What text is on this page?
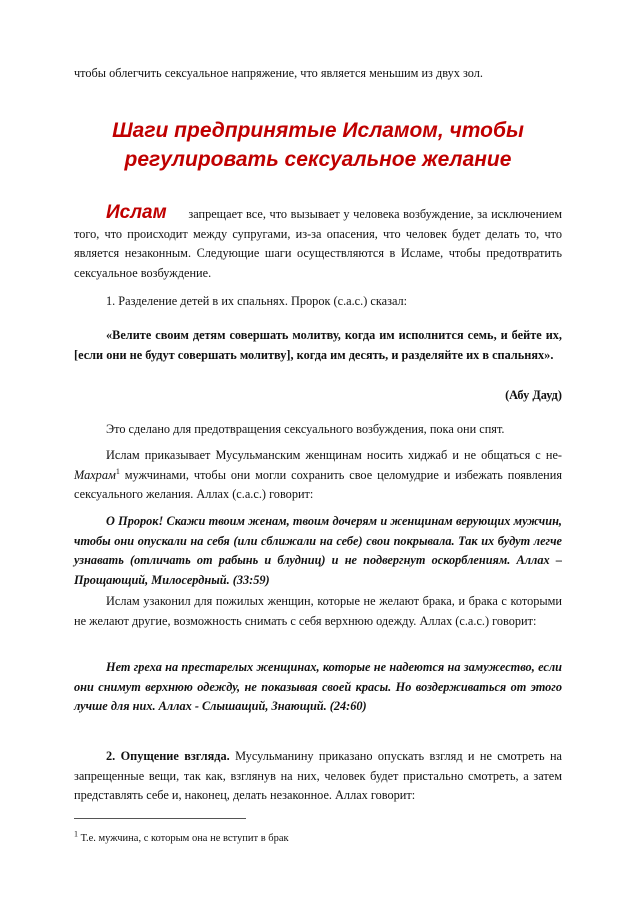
чтобы облегчить сексуальное напряжение, что является меньшим из двух зол.

Шаги предпринятые Исламом, чтобы
регулировать сексуальное желание

Ислам запрещает все, что вызывает у человека возбуждение, за исключением того, что происходит между супругами, из-за опасения, что человек будет делать то, что является незаконным. Следующие шаги осуществляются в Исламе, чтобы предотвратить сексуальное возбуждение.

1. Разделение детей в их спальнях. Пророк (с.а.с.) сказал:

«Велите своим детям совершать молитву, когда им исполнится семь, и бейте их, [если они не будут совершать молитву], когда им десять, и разделяйте их в спальнях».

(Абу Дауд)

Это сделано для предотвращения сексуального возбуждения, пока они спят.

Ислам приказывает Мусульманским женщинам носить хиджаб и не общаться с не-Махрам$^1$ мужчинами, чтобы они могли сохранить свое целомудрие и избежать появления сексуального желания. Аллах (с.а.с.) говорит:

О Пророк! Скажи твоим женам, твоим дочерям и женщинам верующих мужчин, чтобы они опускали на себя (или сближали на себе) свои покрывала. Так их будут легче узнавать (отличать от рабынь и блудниц) и не подвергнут оскорблениям. Аллах – Прощающий, Милосердный. (33:59)

Ислам узаконил для пожилых женщин, которые не желают брака, и брака с которыми не желают другие, возможность снимать с себя верхнюю одежду. Аллах (с.а.с.) говорит:

Нет греха на престарелых женщинах, которые не надеются на замужество, если они снимут верхнюю одежду, не показывая своей красы. Но воздерживаться от этого лучше для них. Аллах - Слышащий, Знающий. (24:60)

2. Опущение взгляда. Мусульманину приказано опускать взгляд и не смотреть на запрещенные вещи, так как, взглянув на них, человек будет пристально смотреть, а затем представлять себе и, наконец, делать незаконное. Аллах говорит:

$^1$ Т.е. мужчина, с которым она не вступит в брак
